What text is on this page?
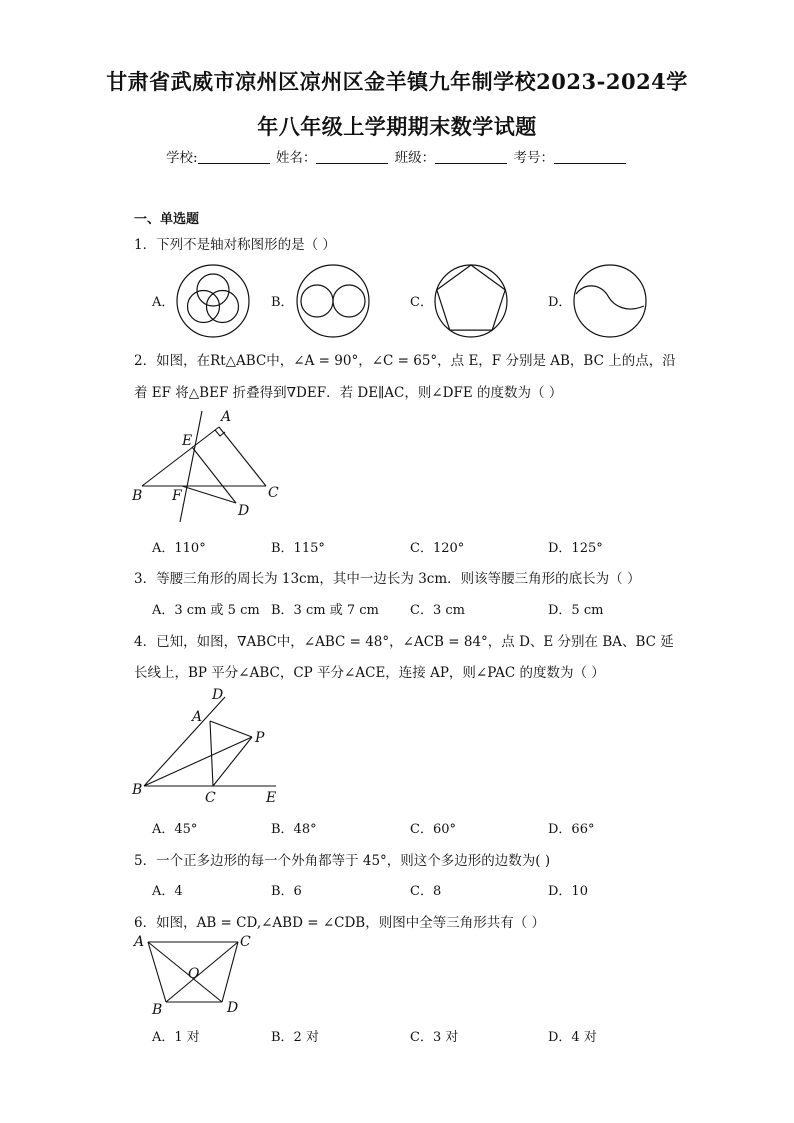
甘肃省武威市凉州区凉州区金羊镇九年制学校2023-2024学
年八年级上学期期末数学试题
学校:	姓名：	班级：	考号：
一、单选题
1．下列不是轴对称图形的是（ ）
A．	B．	C．	D．
2．如图，在Rt△ABC中，∠A = 90°，∠C = 65°，点 E，F 分别是 AB，BC 上的点，沿
着 EF 将△BEF 折叠得到∇DEF．若 DE∥AC，则∠DFE 的度数为（ ）
A
E
B F	C
D
A．110°	B．115°	C．120°	D．125°
3．等腰三角形的周长为 13cm，其中一边长为 3cm．则该等腰三角形的底长为（ ）
A．3 cm 或 5 cm B．3 cm 或 7 cm C．3 cm	D．5 cm
4．已知，如图，∇ABC中，∠ABC = 48°，∠ACB = 84°，点 D、E 分别在 BA、BC 延
长线上，BP 平分∠ABC，CP 平分∠ACE，连接 AP，则∠PAC 的度数为（ ）
D
A
P
B	C	E
A．45°	B．48°	C．60°	D．66°
5．一个正多边形的每一个外角都等于 45°，则这个多边形的边数为( )
A．4	B．6	C．8	D．10
6．如图，AB = CD,∠ABD = ∠CDB，则图中全等三角形共有（ ）
A	C
O
B	D
A．1 对	B．2 对	C．3 对	D．4 对
